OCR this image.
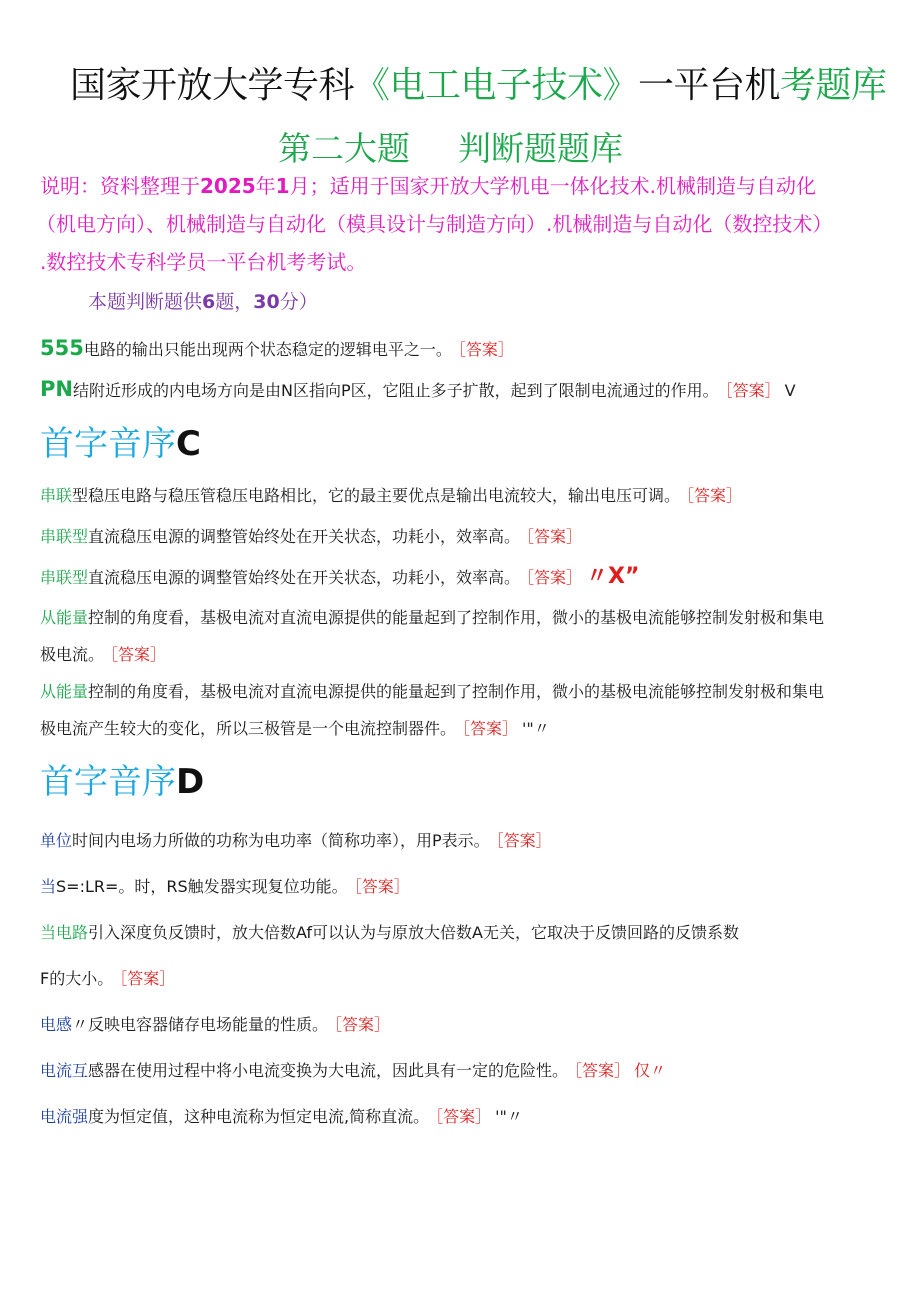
国家开放大学专科《电工电子技术》一平台机考题库
第二大题 判断题题库
说明：资料整理于2025年1月；适用于国家开放大学机电一体化技术.机械制造与自动化
（机电方向）、机械制造与自动化（模具设计与制造方向）.机械制造与自动化（数控技术）
.数控技术专科学员一平台机考考试。
本题判断题供6题，30分）
555电路的输出只能出现两个状态稳定的逻辑电平之一。 ［答案］
PN结附近形成的内电场方向是由N区指向P区，它阻止多子扩散，起到了限制电流通过的作用。 ［答案］ V
首字音序C
串联型稳压电路与稳压管稳压电路相比，它的最主要优点是输出电流较大，输出电压可调。 ［答案］
串联型直流稳压电源的调整管始终处在开关状态，功耗小，效率高。 ［答案］
串联型直流稳压电源的调整管始终处在开关状态，功耗小，效率高。 ［答案］ 〃X”
从能量控制的角度看，基极电流对直流电源提供的能量起到了控制作用，微小的基极电流能够控制发射极和集电
极电流。 ［答案］
从能量控制的角度看，基极电流对直流电源提供的能量起到了控制作用，微小的基极电流能够控制发射极和集电
极电流产生较大的变化，所以三极管是一个电流控制器件。 ［答案］ '"〃
首字音序D
单位时间内电场力所做的功称为电功率（简称功率），用P表示。 ［答案］
当S=:LR=。时，RS触发器实现复位功能。 ［答案］
当电路引入深度负反馈时，放大倍数Af可以认为与原放大倍数A无关，它取决于反馈回路的反馈系数
F的大小。 ［答案］
电感〃反映电容器储存电场能量的性质。 ［答案］
电流互感器在使用过程中将小电流变换为大电流，因此具有一定的危险性。 ［答案］ 仅〃
电流强度为恒定值，这种电流称为恒定电流,简称直流。 ［答案］ '"〃
